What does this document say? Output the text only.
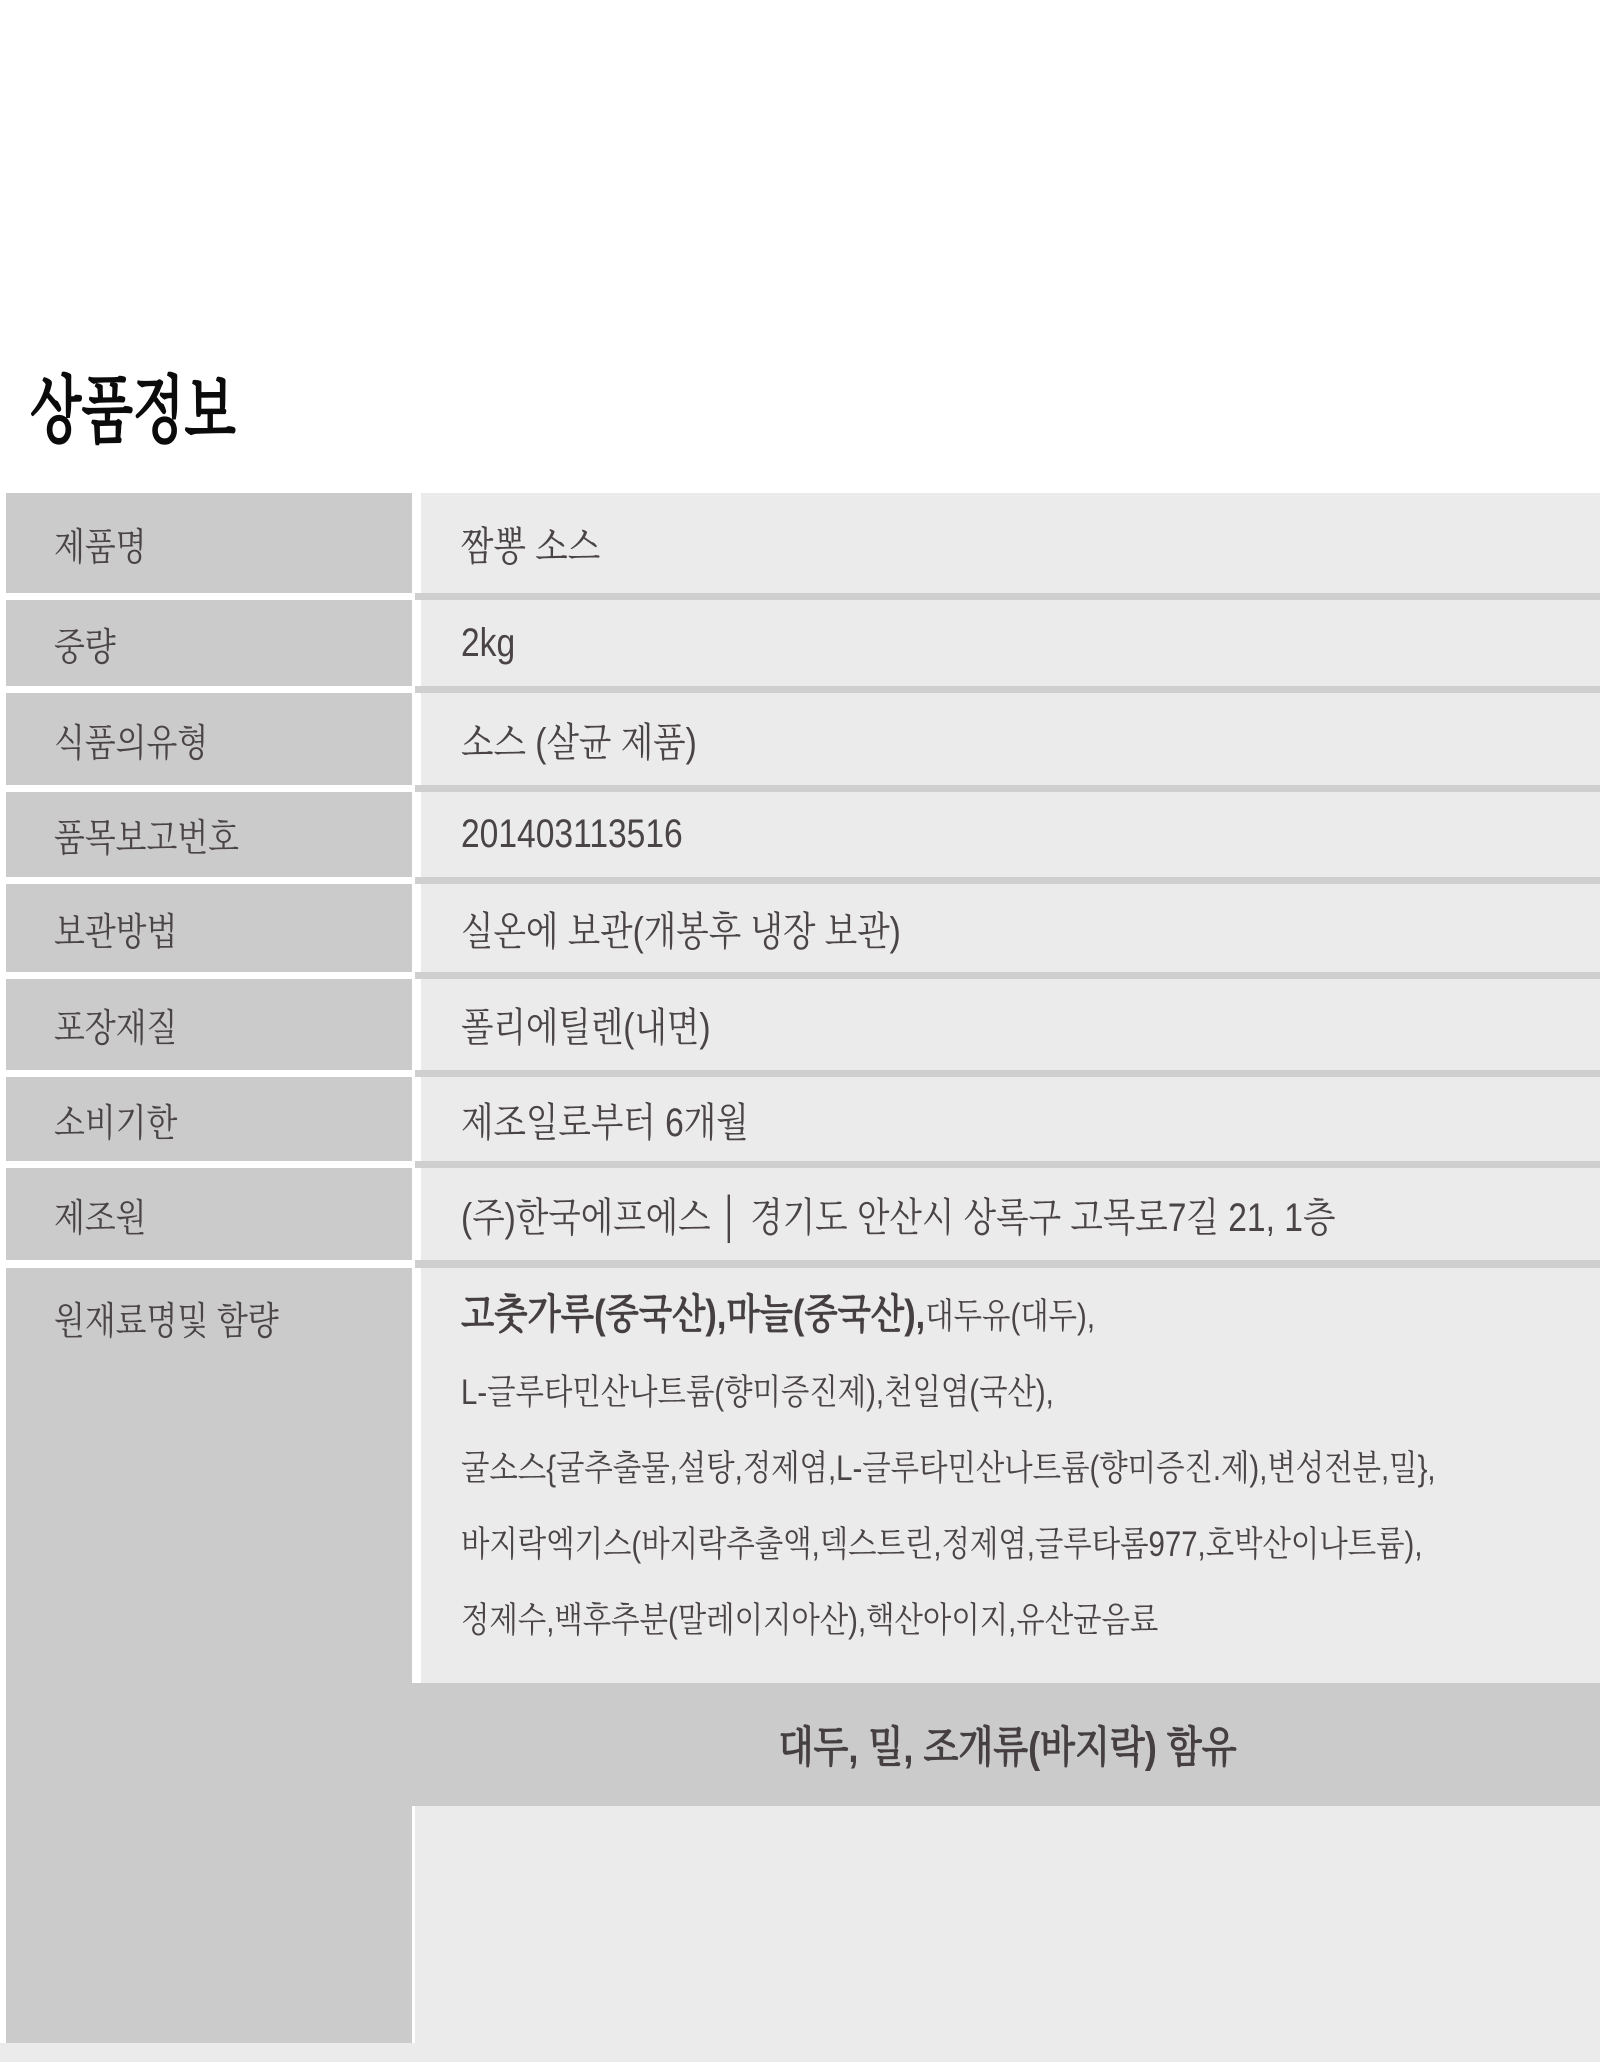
상품정보
제품명	짬뽕 소스
중량	2kg
식품의유형	소스 (살균 제품)
품목보고번호	201403113516
보관방법	실온에 보관(개봉후 냉장 보관)
포장재질	폴리에틸렌(내면)
소비기한	제조일로부터 6개월
제조원	(주)한국에프에스 │ 경기도 안산시 상록구 고목로7길 21, 1층
원재료명및 함량	고춧가루(중국산),마늘(중국산),대두유(대두),
L-글루타민산나트륨(향미증진제),천일염(국산),
굴소스{굴추출물,설탕,정제염,L-글루타민산나트륨(향미증진.제),변성전분,밀},
바지락엑기스(바지락추출액,덱스트린,정제염,글루타롬977,호박산이나트륨),
정제수,백후추분(말레이지아산),핵산아이지,유산균음료
대두, 밀, 조개류(바지락) 함유
